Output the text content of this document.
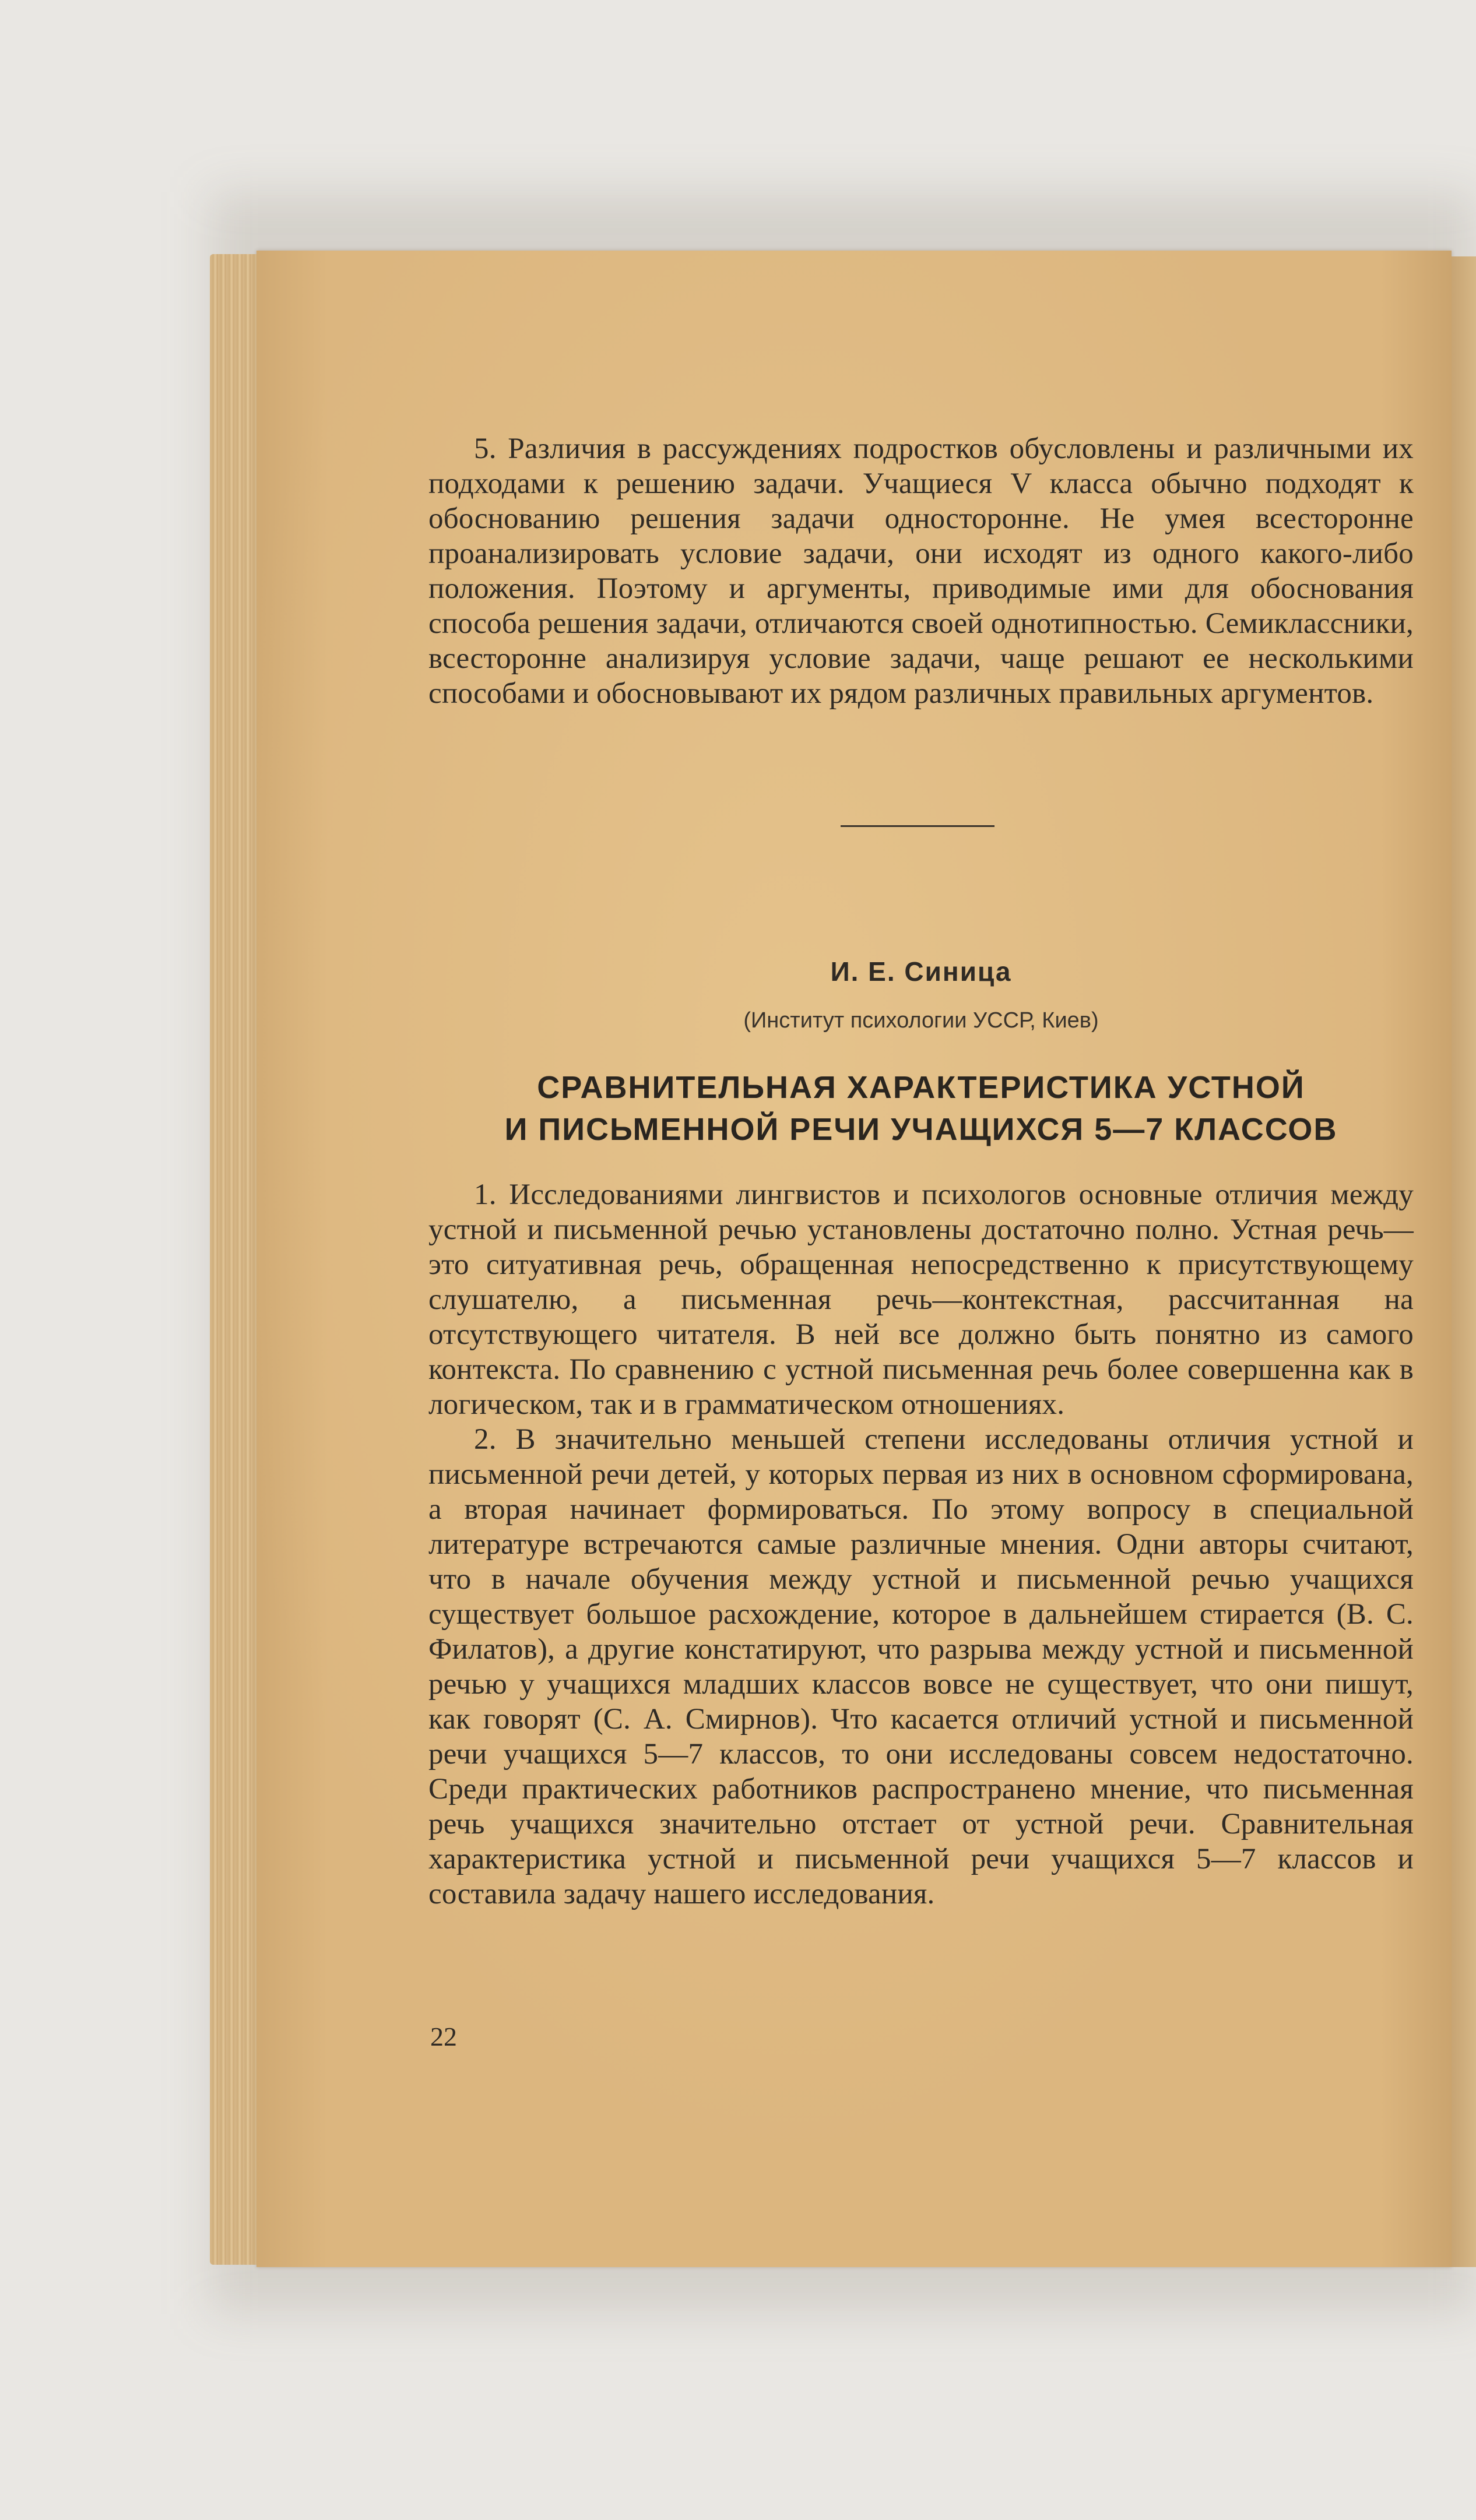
5. Различия в рассуждениях подростков обусловлены и различными их подходами к решению задачи. Учащиеся V класса обычно подходят к обоснованию решения задачи односторонне. Не умея всесторонне проанализировать условие задачи, они исходят из одного какого-либо положения. Поэтому и аргументы, приводимые ими для обоснования способа решения задачи, отличаются своей однотипностью. Семиклассники, всесторонне анализируя условие задачи, чаще решают ее несколькими способами и обосновывают их рядом различных правильных аргументов.

И. Е. Синица
(Институт психологии УССР, Киев)
СРАВНИТЕЛЬНАЯ ХАРАКТЕРИСТИКА УСТНОЙ
И ПИСЬМЕННОЙ РЕЧИ УЧАЩИХСЯ 5—7 КЛАССОВ

1. Исследованиями лингвистов и психологов основные отличия между устной и письменной речью установлены достаточно полно. Устная речь—это ситуативная речь, обращенная непосредственно к присутствующему слушателю, а письменная речь—контекстная, рассчитанная на отсутствующего читателя. В ней все должно быть понятно из самого контекста. По сравнению с устной письменная речь более совершенна как в логическом, так и в грамматическом отношениях.

2. В значительно меньшей степени исследованы отличия устной и письменной речи детей, у которых первая из них в основном сформирована, а вторая начинает формироваться. По этому вопросу в специальной литературе встречаются самые различные мнения. Одни авторы считают, что в начале обучения между устной и письменной речью учащихся существует большое расхождение, которое в дальнейшем стирается (В. С. Филатов), а другие констатируют, что разрыва между устной и письменной речью у учащихся младших классов вовсе не существует, что они пишут, как говорят (С. А. Смирнов). Что касается отличий устной и письменной речи учащихся 5—7 классов, то они исследованы совсем недостаточно. Среди практических работников распространено мнение, что письменная речь учащихся значительно отстает от устной речи. Сравнительная характеристика устной и письменной речи учащихся 5—7 классов и составила задачу нашего исследования.

22
